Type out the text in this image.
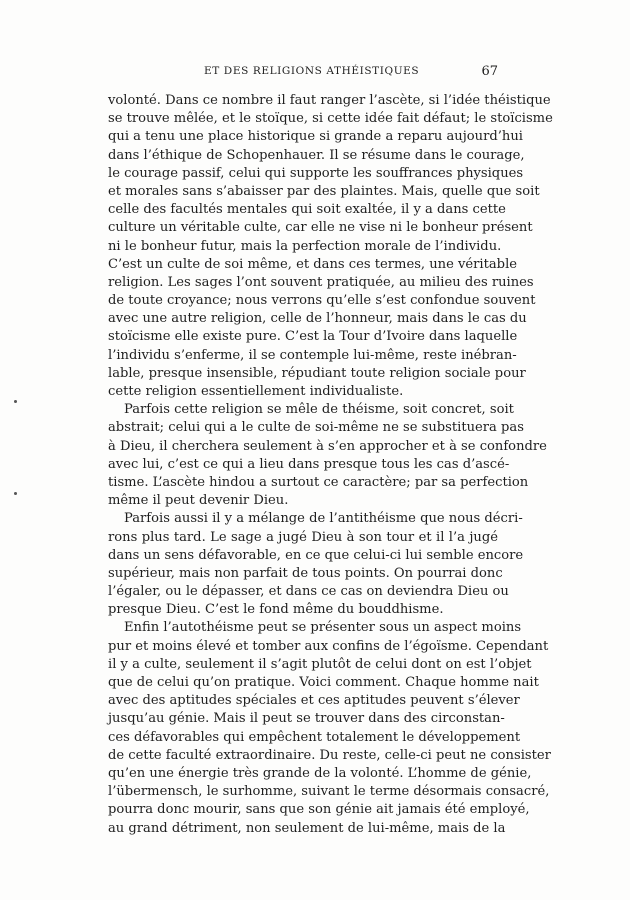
ET DES RELIGIONS ATHÉISTIQUES	67
volonté. Dans ce nombre il faut ranger l’ascète, si l’idée théistique
se trouve mêlée, et le stoïque, si cette idée fait défaut; le stoïcisme
qui a tenu une place historique si grande a reparu aujourd’hui
dans l’éthique de Schopenhauer. Il se résume dans le courage,
le courage passif, celui qui supporte les souffrances physiques
et morales sans s’abaisser par des plaintes. Mais, quelle que soit
celle des facultés mentales qui soit exaltée, il y a dans cette
culture un véritable culte, car elle ne vise ni le bonheur présent
ni le bonheur futur, mais la perfection morale de l’individu.
C’est un culte de soi même, et dans ces termes, une véritable
religion. Les sages l’ont souvent pratiquée, au milieu des ruines
de toute croyance; nous verrons qu’elle s’est confondue souvent
avec une autre religion, celle de l’honneur, mais dans le cas du
stoïcisme elle existe pure. C’est la Tour d’Ivoire dans laquelle
l’individu s’enferme, il se contemple lui-même, reste inébran-
lable, presque insensible, répudiant toute religion sociale pour
cette religion essentiellement individualiste.
Parfois cette religion se mêle de théisme, soit concret, soit
abstrait; celui qui a le culte de soi-même ne se substituera pas
à Dieu, il cherchera seulement à s’en approcher et à se confondre
avec lui, c’est ce qui a lieu dans presque tous les cas d’ascé-
tisme. L’ascète hindou a surtout ce caractère; par sa perfection
même il peut devenir Dieu.
Parfois aussi il y a mélange de l’antithéisme que nous décri-
rons plus tard. Le sage a jugé Dieu à son tour et il l’a jugé
dans un sens défavorable, en ce que celui-ci lui semble encore
supérieur, mais non parfait de tous points. On pourrai donc
l’égaler, ou le dépasser, et dans ce cas on deviendra Dieu ou
presque Dieu. C’est le fond même du bouddhisme.
Enfin l’autothéisme peut se présenter sous un aspect moins
pur et moins élevé et tomber aux confins de l’égoïsme. Cependant
il y a culte, seulement il s’agit plutôt de celui dont on est l’objet
que de celui qu’on pratique. Voici comment. Chaque homme nait
avec des aptitudes spéciales et ces aptitudes peuvent s’élever
jusqu’au génie. Mais il peut se trouver dans des circonstan-
ces défavorables qui empêchent totalement le développement
de cette faculté extraordinaire. Du reste, celle-ci peut ne consister
qu’en une énergie très grande de la volonté. L’homme de génie,
l’übermensch, le surhomme, suivant le terme désormais consacré,
pourra donc mourir, sans que son génie ait jamais été employé,
au grand détriment, non seulement de lui-même, mais de la
